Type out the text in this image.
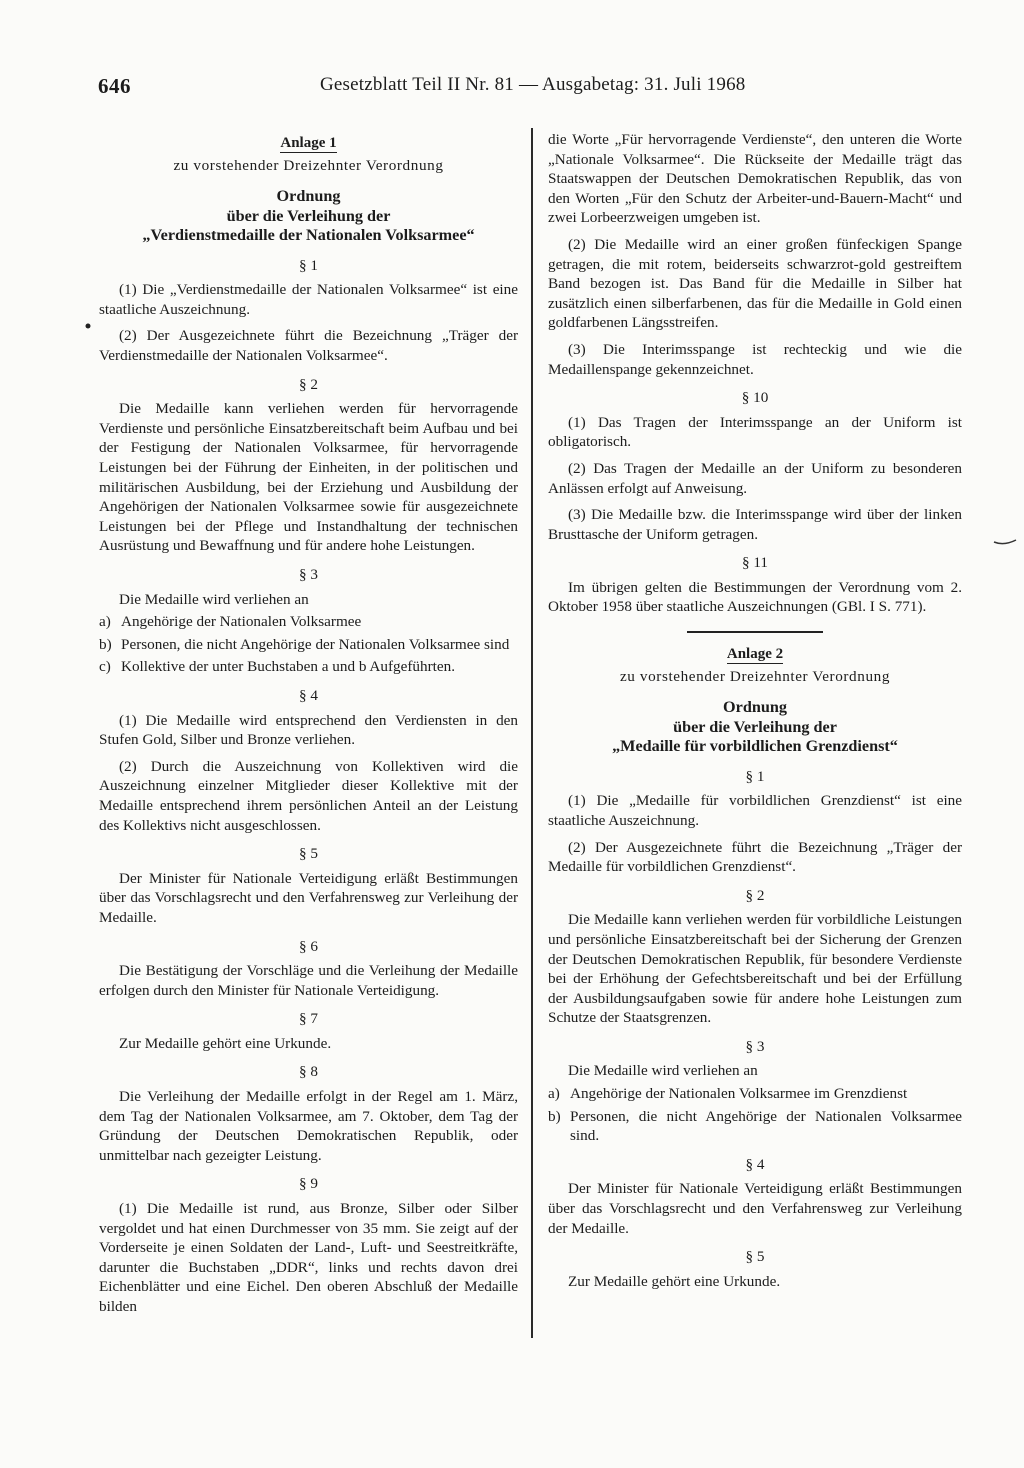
646	Gesetzblatt Teil II Nr. 81 — Ausgabetag: 31. Juli 1968
Anlage 1
zu vorstehender Dreizehnter Verordnung
Ordnung
über die Verleihung der
„Verdienstmedaille der Nationalen Volksarmee“
§ 1

(1) Die „Verdienstmedaille der Nationalen Volksarmee“ ist eine staatliche Auszeichnung.

(2) Der Ausgezeichnete führt die Bezeichnung „Träger der Verdienstmedaille der Nationalen Volksarmee“.

§ 2

Die Medaille kann verliehen werden für hervorragende Verdienste und persönliche Einsatzbereitschaft beim Aufbau und bei der Festigung der Nationalen Volksarmee, für hervorragende Leistungen bei der Führung der Einheiten, in der politischen und militärischen Ausbildung, bei der Erziehung und Ausbildung der Angehörigen der Nationalen Volksarmee sowie für ausgezeichnete Leistungen bei der Pflege und Instandhaltung der technischen Ausrüstung und Bewaffnung und für andere hohe Leistungen.

§ 3

Die Medaille wird verliehen an

a) Angehörige der Nationalen Volksarmee
b) Personen, die nicht Angehörige der Nationalen Volksarmee sind
c) Kollektive der unter Buchstaben a und b Aufgeführten.
§ 4

(1) Die Medaille wird entsprechend den Verdiensten in den Stufen Gold, Silber und Bronze verliehen.

(2) Durch die Auszeichnung von Kollektiven wird die Auszeichnung einzelner Mitglieder dieser Kollektive mit der Medaille entsprechend ihrem persönlichen Anteil an der Leistung des Kollektivs nicht ausgeschlossen.

§ 5

Der Minister für Nationale Verteidigung erläßt Bestimmungen über das Vorschlagsrecht und den Verfahrensweg zur Verleihung der Medaille.

§ 6

Die Bestätigung der Vorschläge und die Verleihung der Medaille erfolgen durch den Minister für Nationale Verteidigung.

§ 7

Zur Medaille gehört eine Urkunde.

§ 8

Die Verleihung der Medaille erfolgt in der Regel am 1. März, dem Tag der Nationalen Volksarmee, am 7. Oktober, dem Tag der Gründung der Deutschen Demokratischen Republik, oder unmittelbar nach gezeigter Leistung.

§ 9

(1) Die Medaille ist rund, aus Bronze, Silber oder Silber vergoldet und hat einen Durchmesser von 35 mm. Sie zeigt auf der Vorderseite je einen Soldaten der Land-, Luft- und Seestreitkräfte, darunter die Buchstaben „DDR“, links und rechts davon drei Eichenblätter und eine Eichel. Den oberen Abschluß der Medaille bilden

die Worte „Für hervorragende Verdienste“, den unteren die Worte „Nationale Volksarmee“. Die Rückseite der Medaille trägt das Staatswappen der Deutschen Demokratischen Republik, das von den Worten „Für den Schutz der Arbeiter-und-Bauern-Macht“ und zwei Lorbeerzweigen umgeben ist.

(2) Die Medaille wird an einer großen fünfeckigen Spange getragen, die mit rotem, beiderseits schwarzrot-gold gestreiftem Band bezogen ist. Das Band für die Medaille in Silber hat zusätzlich einen silberfarbenen, das für die Medaille in Gold einen goldfarbenen Längsstreifen.

(3) Die Interimsspange ist rechteckig und wie die Medaillenspange gekennzeichnet.

§ 10

(1) Das Tragen der Interimsspange an der Uniform ist obligatorisch.

(2) Das Tragen der Medaille an der Uniform zu besonderen Anlässen erfolgt auf Anweisung.

(3) Die Medaille bzw. die Interimsspange wird über der linken Brusttasche der Uniform getragen.

§ 11

Im übrigen gelten die Bestimmungen der Verordnung vom 2. Oktober 1958 über staatliche Auszeichnungen (GBl. I S. 771).

Anlage 2
zu vorstehender Dreizehnter Verordnung
Ordnung
über die Verleihung der
„Medaille für vorbildlichen Grenzdienst“
§ 1

(1) Die „Medaille für vorbildlichen Grenzdienst“ ist eine staatliche Auszeichnung.

(2) Der Ausgezeichnete führt die Bezeichnung „Träger der Medaille für vorbildlichen Grenzdienst“.

§ 2

Die Medaille kann verliehen werden für vorbildliche Leistungen und persönliche Einsatzbereitschaft bei der Sicherung der Grenzen der Deutschen Demokratischen Republik, für besondere Verdienste bei der Erhöhung der Gefechtsbereitschaft und bei der Erfüllung der Ausbildungsaufgaben sowie für andere hohe Leistungen zum Schutze der Staatsgrenzen.

§ 3

Die Medaille wird verliehen an

a) Angehörige der Nationalen Volksarmee im Grenzdienst
b) Personen, die nicht Angehörige der Nationalen Volksarmee sind.
§ 4

Der Minister für Nationale Verteidigung erläßt Bestimmungen über das Vorschlagsrecht und den Verfahrensweg zur Verleihung der Medaille.

§ 5

Zur Medaille gehört eine Urkunde.
